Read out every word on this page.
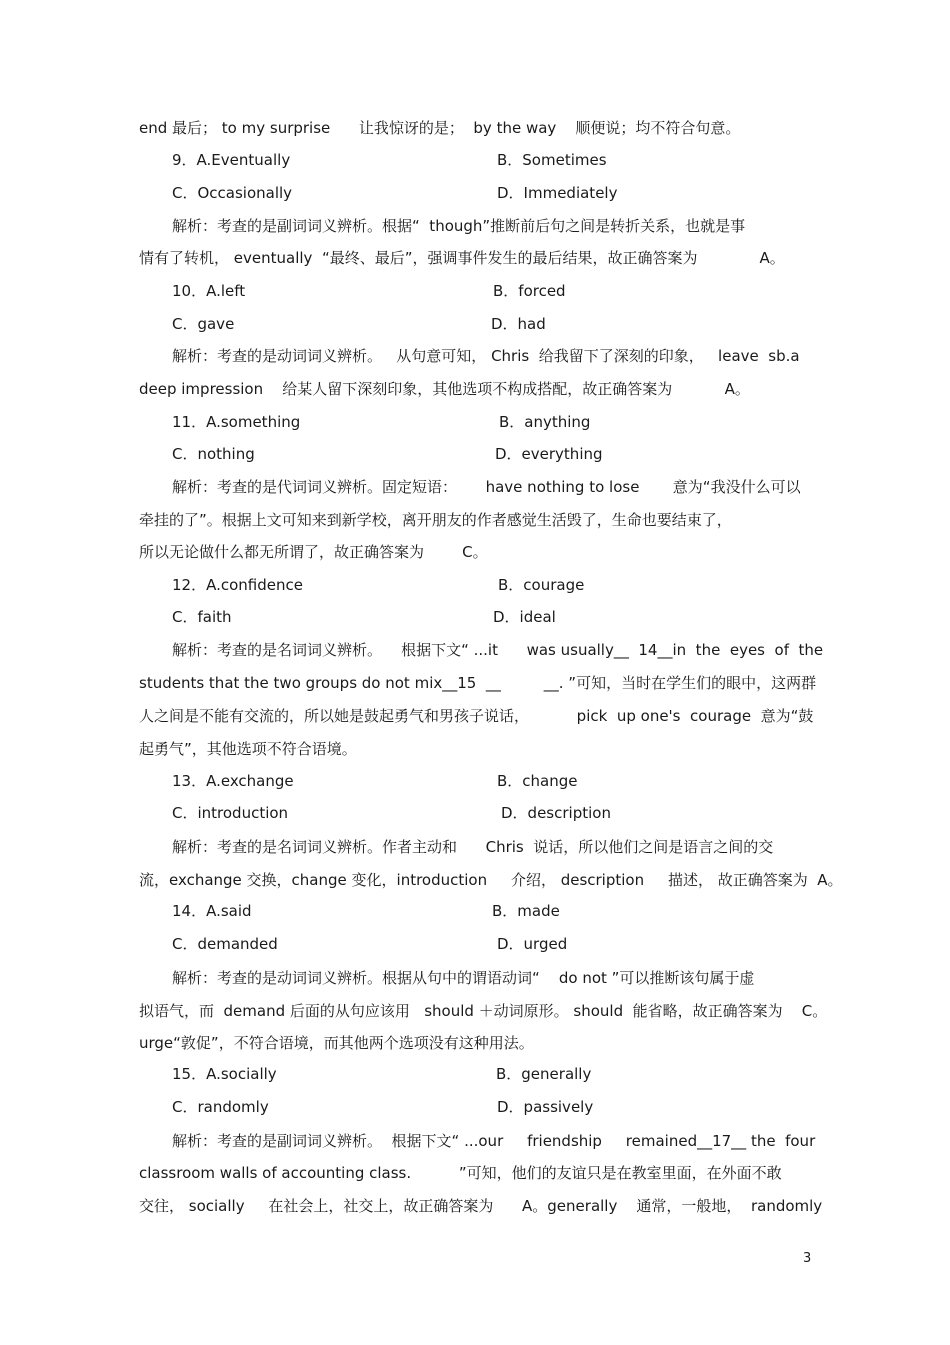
end 最后； to my surprise      让我惊讶的是；  by the way    顺便说；均不符合句意。
9．A.Eventually	B．Sometimes
C．Occasionally	D．Immediately
解析：考查的是副词词义辨析。根据“  though”推断前后句之间是转折关系，也就是事
情有了转机， eventually  “最终、最后”，强调事件发生的最后结果，故正确答案为             A。
10．A.left	B．forced
C．gave	D．had
解析：考查的是动词词义辨析。   从句意可知， Chris  给我留下了深刻的印象，   leave  sb.a
deep impression    给某人留下深刻印象，其他选项不构成搭配，故正确答案为           A。
11．A.something	B．anything
C．nothing	D．everything
解析：考查的是代词词义辨析。固定短语：      have nothing to lose       意为“我没什么可以
牵挂的了”。根据上文可知来到新学校，离开朋友的作者感觉生活毁了，生命也要结束了，
所以无论做什么都无所谓了，故正确答案为        C。
12．A.confidence	B．courage
C．faith	D．ideal
解析：考查的是名词词义辨析。    根据下文“ ...it      was usually__  14__in  the  eyes  of  the
students that the two groups do not mix__15  __         __. ”可知，当时在学生们的眼中，这两群
人之间是不能有交流的，所以她是鼓起勇气和男孩子说话，          pick  up one's  courage  意为“鼓
起勇气”，其他选项不符合语境。
13．A.exchange	B．change
C．introduction	D．description
解析：考查的是名词词义辨析。作者主动和      Chris  说话，所以他们之间是语言之间的交
流，exchange 交换，change 变化，introduction     介绍， description     描述， 故正确答案为  A。
14．A.said	B．made
C．demanded	D．urged
解析：考查的是动词词义辨析。根据从句中的谓语动词“    do not ”可以推断该句属于虚
拟语气，而  demand 后面的从句应该用   should ＋动词原形。 should  能省略，故正确答案为    C。
urge“敦促”，不符合语境，而其他两个选项没有这种用法。
15．A.socially	B．generally
C．randomly	D．passively
解析：考查的是副词词义辨析。  根据下文“ ...our     friendship     remained__17__ the  four
classroom walls of accounting class.          ”可知，他们的友谊只是在教室里面，在外面不敢
交往， socially     在社会上，社交上，故正确答案为      A。generally    通常，一般地，  randomly
3
